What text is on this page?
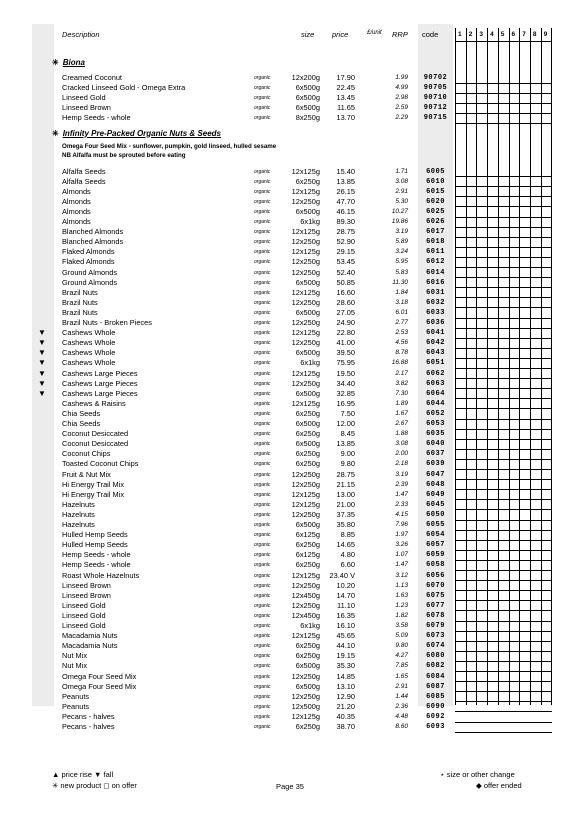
Description	size price	£/unit RRP code	1 2 3 4 5 6 7 8 9
✳ Biona
Creamed Coconut	organic	12x200g	17.90	1.99	90702
Cracked Linseed Gold - Omega Extra	organic	6x500g	22.45	4.99	90705
Linseed Gold	organic	6x500g	13.45	2.98	90710
Linseed Brown	organic	6x500g	11.65	2.59	90712
Hemp Seeds - whole	organic	8x250g	13.70	2.29	90715
✳ Infinity Pre-Packed Organic Nuts & Seeds
Omega Four Seed Mix - sunflower, pumpkin, gold linseed, hulled sesame
NB Alfalfa must be sprouted before eating
Alfalfa Seeds	organic	12x125g	15.40	1.71	6005
Alfalfa Seeds	organic	6x250g	13.85	3.08	6010
Almonds	organic	12x125g	26.15	2.91	6015
Almonds	organic	12x250g	47.70	5.30	6020
Almonds	organic	6x500g	46.15	10.27	6025
Almonds	organic	6x1kg	89.30	19.86	6026
Blanched Almonds	organic	12x125g	28.75	3.19	6017
Blanched Almonds	organic	12x250g	52.90	5.89	6018
Flaked Almonds	organic	12x125g	29.15	3.24	6011
Flaked Almonds	organic	12x250g	53.45	5.95	6012
Ground Almonds	organic	12x250g	52.40	5.83	6014
Ground Almonds	organic	6x500g	50.85	11.30	6016
Brazil Nuts	organic	12x125g	16.60	1.84	6031
Brazil Nuts	organic	12x250g	28.60	3.18	6032
Brazil Nuts	organic	6x500g	27.05	6.01	6033
Brazil Nuts - Broken Pieces	organic	12x250g	24.90	2.77	6036
▼ Cashews Whole	organic	12x125g	22.80	2.53	6041
▼ Cashews Whole	organic	12x250g	41.00	4.56	6042
▼ Cashews Whole	organic	6x500g	39.50	8.78	6043
▼ Cashews Whole	organic	6x1kg	75.95	16.88	6051
▼ Cashews Large Pieces	organic	12x125g	19.50	2.17	6062
▼ Cashews Large Pieces	organic	12x250g	34.40	3.82	6063
▼ Cashews Large Pieces	organic	6x500g	32.85	7.30	6064
Cashews & Raisins	organic	12x125g	16.95	1.89	6044
Chia Seeds	organic	6x250g	7.50	1.67	6052
Chia Seeds	organic	6x500g	12.00	2.67	6053
Coconut Desiccated	organic	6x250g	8.45	1.88	6035
Coconut Desiccated	organic	6x500g	13.85	3.08	6040
Coconut Chips	organic	6x250g	9.00	2.00	6037
Toasted Coconut Chips	organic	6x250g	9.80	2.18	6039
Fruit & Nut Mix	organic	12x250g	28.75	3.19	6047
Hi Energy Trail Mix	organic	12x250g	21.15	2.39	6048
Hi Energy Trail Mix	organic	12x125g	13.00	1.47	6049
Hazelnuts	organic	12x125g	21.00	2.33	6045
Hazelnuts	organic	12x250g	37.35	4.15	6050
Hazelnuts	organic	6x500g	35.80	7.96	6055
Hulled Hemp Seeds	organic	6x125g	8.85	1.97	6054
Hulled Hemp Seeds	organic	6x250g	14.65	3.26	6057
Hemp Seeds - whole	organic	6x125g	4.80	1.07	6059
Hemp Seeds - whole	organic	6x250g	6.60	1.47	6058
Roast Whole Hazelnuts	organic	12x125g	23.40 V	3.12	6056
Linseed Brown	organic	12x250g	10.20	1.13	6070
Linseed Brown	organic	12x450g	14.70	1.63	6075
Linseed Gold	organic	12x250g	11.10	1.23	6077
Linseed Gold	organic	12x450g	16.35	1.82	6078
Linseed Gold	organic	6x1kg	16.10	3.58	6079
Macadamia Nuts	organic	12x125g	45.65	5.09	6073
Macadamia Nuts	organic	6x250g	44.10	9.80	6074
Nut Mix	organic	6x250g	19.15	4.27	6080
Nut Mix	organic	6x500g	35.30	7.85	6082
Omega Four Seed Mix	organic	12x250g	14.85	1.65	6084
Omega Four Seed Mix	organic	6x500g	13.10	2.91	6087
Peanuts	organic	12x250g	12.90	1.44	6085
Peanuts	organic	12x500g	21.20	2.36	6090
Pecans - halves	organic	12x125g	40.35	4.48	6092
Pecans - halves	organic	6x250g	38.70	8.60	6093
▲ price rise ▼ fall
✳ new product ◻ on offer	Page 35
⋆ size or other change
◆ offer ended
